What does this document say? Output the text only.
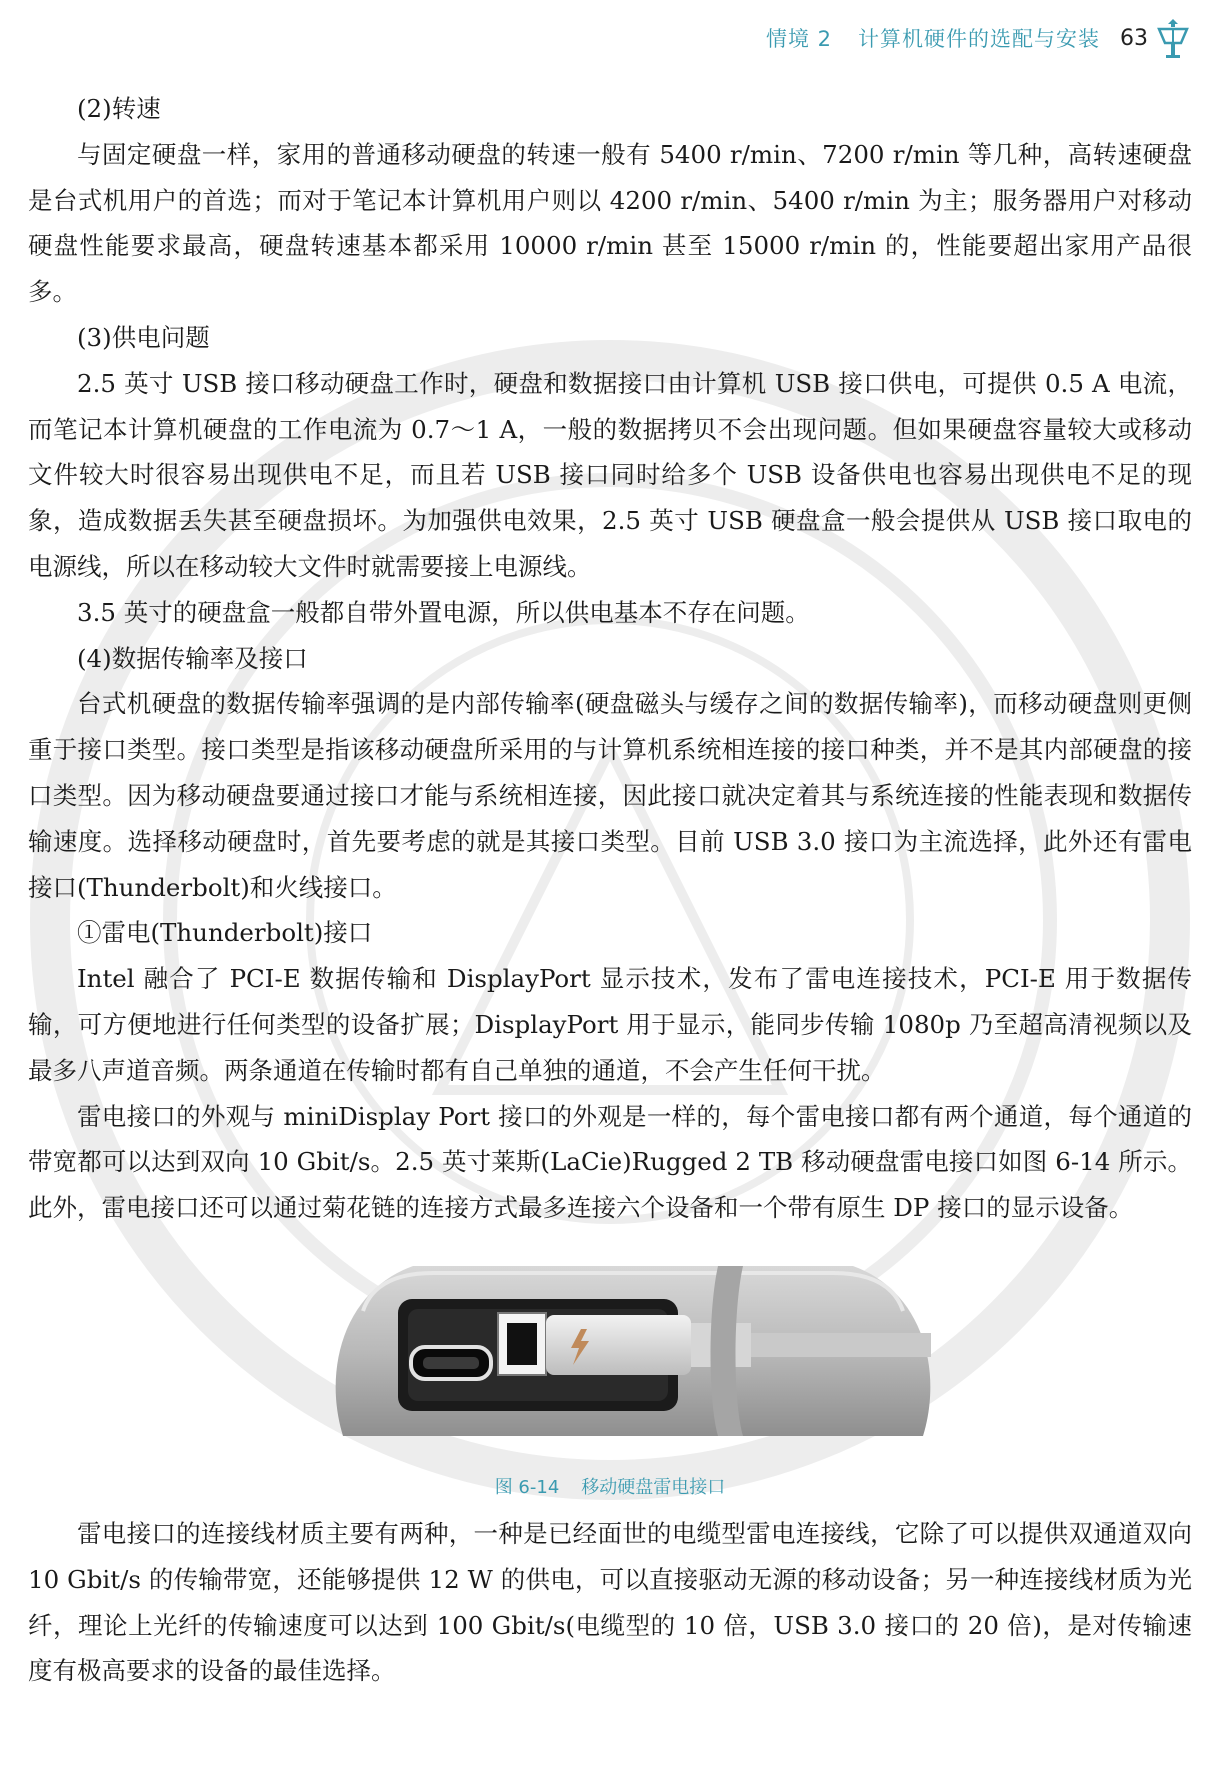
情境 2 计算机硬件的选配与安装 63

(2)转速

与固定硬盘一样，家用的普通移动硬盘的转速一般有 5400 r/min、7200 r/min 等几种，高转速硬盘是台式机用户的首选；而对于笔记本计算机用户则以 4200 r/min、5400 r/min 为主；服务器用户对移动硬盘性能要求最高，硬盘转速基本都采用 10000 r/min 甚至 15000 r/min 的，性能要超出家用产品很多。

(3)供电问题

2.5 英寸 USB 接口移动硬盘工作时，硬盘和数据接口由计算机 USB 接口供电，可提供 0.5 A 电流，而笔记本计算机硬盘的工作电流为 0.7～1 A，一般的数据拷贝不会出现问题。但如果硬盘容量较大或移动文件较大时很容易出现供电不足，而且若 USB 接口同时给多个 USB 设备供电也容易出现供电不足的现象，造成数据丢失甚至硬盘损坏。为加强供电效果，2.5 英寸 USB 硬盘盒一般会提供从 USB 接口取电的电源线，所以在移动较大文件时就需要接上电源线。

3.5 英寸的硬盘盒一般都自带外置电源，所以供电基本不存在问题。

(4)数据传输率及接口

台式机硬盘的数据传输率强调的是内部传输率(硬盘磁头与缓存之间的数据传输率)，而移动硬盘则更侧重于接口类型。接口类型是指该移动硬盘所采用的与计算机系统相连接的接口种类，并不是其内部硬盘的接口类型。因为移动硬盘要通过接口才能与系统相连接，因此接口就决定着其与系统连接的性能表现和数据传输速度。选择移动硬盘时，首先要考虑的就是其接口类型。目前 USB 3.0 接口为主流选择，此外还有雷电接口(Thunderbolt)和火线接口。

①雷电(Thunderbolt)接口

Intel 融合了 PCI-E 数据传输和 DisplayPort 显示技术，发布了雷电连接技术，PCI-E 用于数据传输，可方便地进行任何类型的设备扩展；DisplayPort 用于显示，能同步传输 1080p 乃至超高清视频以及最多八声道音频。两条通道在传输时都有自己单独的通道，不会产生任何干扰。

雷电接口的外观与 miniDisplay Port 接口的外观是一样的，每个雷电接口都有两个通道，每个通道的带宽都可以达到双向 10 Gbit/s。2.5 英寸莱斯(LaCie)Rugged 2 TB 移动硬盘雷电接口如图 6-14 所示。此外，雷电接口还可以通过菊花链的连接方式最多连接六个设备和一个带有原生 DP 接口的显示设备。

图 6-14 移动硬盘雷电接口

雷电接口的连接线材质主要有两种，一种是已经面世的电缆型雷电连接线，它除了可以提供双通道双向 10 Gbit/s 的传输带宽，还能够提供 12 W 的供电，可以直接驱动无源的移动设备；另一种连接线材质为光纤，理论上光纤的传输速度可以达到 100 Gbit/s(电缆型的 10 倍，USB 3.0 接口的 20 倍)，是对传输速度有极高要求的设备的最佳选择。
